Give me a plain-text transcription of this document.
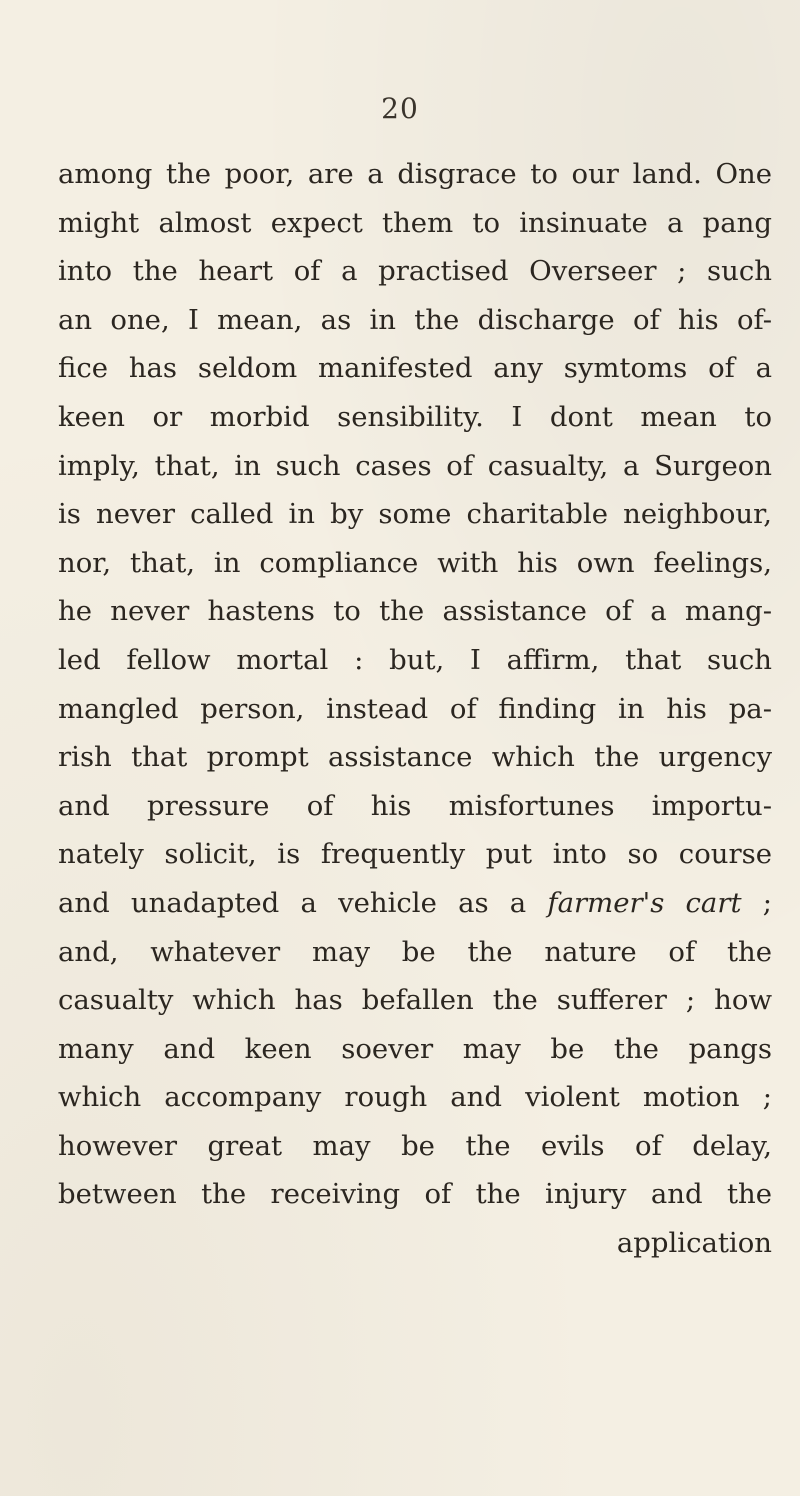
20
among the poor, are a disgrace to our land. One
might almost expect them to insinuate a pang
into the heart of a practised Overseer ; such
an one, I mean, as in the discharge of his of-
fice has seldom manifested any symtoms of a
keen or morbid sensibility. I dont mean to
imply, that, in such cases of casualty, a Surgeon
is never called in by some charitable neighbour,
nor, that, in compliance with his own feelings,
he never hastens to the assistance of a mang-
led fellow mortal : but, I affirm, that such
mangled person, instead of finding in his pa-
rish that prompt assistance which the urgency
and pressure of his misfortunes importu-
nately solicit, is frequently put into so course
and unadapted a vehicle as a farmer's cart ;
and, whatever may be the nature of the
casualty which has befallen the sufferer ; how
many and keen soever may be the pangs
which accompany rough and violent motion ;
however great may be the evils of delay,
between the receiving of the injury and the
application
